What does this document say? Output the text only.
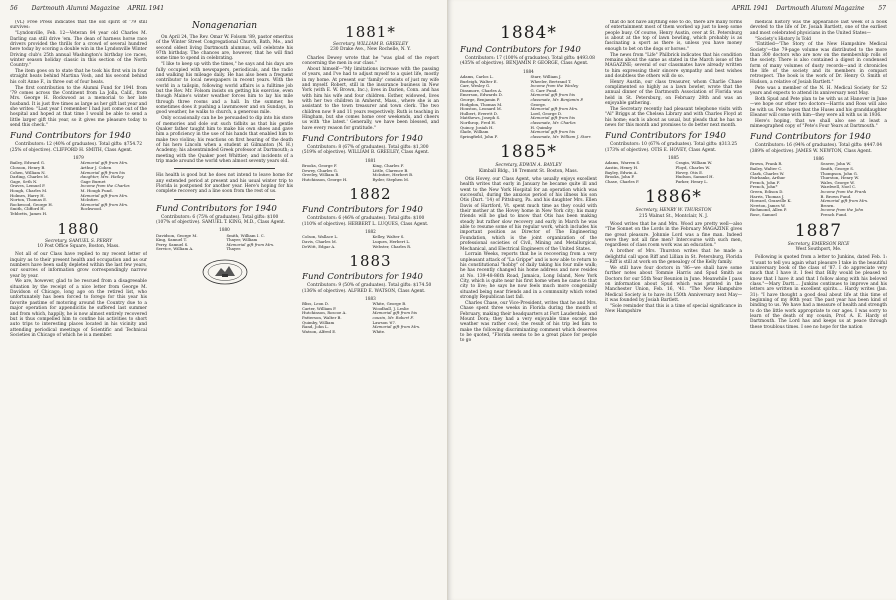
56 Dartmouth Alumni Magazine APRIL 1941

(VL) Free Press indicates that the old spirit of '79 still survives:

"Lyndonville, Feb. 12—Veteran 84 year old Charles M. Darling can still drive 'em. The dean of harness horse race drivers provided the thrills for a crowd of several hundred here today by scoring a double win in the Lyndonville Winter Driving club's 25th annual Washington's birthday ice races, winter season holiday classic in this section of the North Country."

The item goes on to state that he took his first win in four straight heats behind Martina Vosh, and his second behind his colt Anne F., in three out of four heats.

The first contribution to the Alumni Fund for 1941 from '79 comes across the Continent from La Jolla, Calif., from Mrs. George H. Rockwood as a memorial to her late husband. It is just five times as large as her gift last year and she writes: "Last year I remember I had just come out of the hospital and hoped at that time I would be able to send a little larger gift this year, so it gives me pleasure today to send this check."

Fund Contributors for 1940

Contributors: 12 (40% of graduates). Total gifts: $754.72 (25% of objective). CLIFFORD H. SMITH, Class Agent.

1879
Bailey, Edward G.	Memorial gift from Mrs.
Closson, Henry B.	Arthur J. Cohen
Cohen, William N.	Memorial gift from his
Darling, Charles M.	daughter, Mrs. Hailey
Gage, Seth N.	Gage Burnet
Graves, Lemuel F.	Income from the Charles
Hough, Charles M.	M. Hough Fund.
Holmes, Harry H.	Memorial gift from Mrs.
Norton, Thomas E.	McIntire.
Rockwood, George H.	Memorial gift from Mrs.
Smith, Clifford H.	Rockwood.
Tebbetts, James H.
1880
Secretary, SAMUEL S. PERRY
10 Post Office Square, Boston, Mass.

Not all of our Class have replied to my recent letter of inquiry as to their present health and occupation and as our numbers have been sadly depleted within the last few years, our sources of information grow correspondingly narrow year by year.

We are, however, glad to be rescued from a disagreeable situation by the receipt of a nice letter from George M. Davidson of Chicago, long ago on the retired list, who unfortunately has been forced to forego for this year his favorite pastime of motoring around the Country due to a major operation for appendicitis he suffered last summer and from which, happily, he is now almost entirely recovered but is thus compelled him to confine his activities to short auto trips to interesting places located in his vicinity and attending periodical meetings of Scientific and Technical Societies in Chicago of which he is a member.

Nonagenarian

On April 24, The Rev. Omar W. Folsom '89, pastor emeritus of the Winter Street Congregational Church, Bath, Me., and second oldest living Dartmouth alumnus, will celebrate his 97th birthday. The chances are, however, that he will find some time to spend in celebrating.

"I like to keep up with the times," he says and his days are fully occupied with newspapers, periodicals, and the radio and walking his mileage daily. He has also been a frequent contributor to local newspapers in recent years. With the world in a tailspin, following world affairs is a fulltime job but the Rev. Mr. Folsom insists on getting his exercise, even though Maine's winter weather forces him to lay his mile through three rooms and a hall. In the summer, he sometimes does it pushing a lawnmower and on Sundays, in good weather, he walks to church, a generous mile.

Only occasionally can he be persuaded to dip into his store of memories and dole out such tidbits as that his gentle Quaker father taught him to make his own shoes and gave him a proficiency in the use of his hands that enabled him to make two violins; his reactions on first hearing of the death of his hero Lincoln when a student at Gilmanton (N. H.) Academy; his absentminded Greek professor at Dartmouth; a meeting with the Quaker poet Whittier; and incidents of a trip made around the world when almost seventy years old.

His health is good but he does not intend to leave home for any extended period at present and his usual winter trip to Florida is postponed for another year. Here's hoping for his complete recovery and a line soon from the rest of us.

Fund Contributors for 1940

Contributors: 6 (75% of graduates). Total gifts: $100 (107% of objective). SAMUEL T. KING, M.D., Class Agent.

1880
Davidson, George M.	Smith, William I. C.
King, Samuel T.	Thayer, William
Perry, Samuel S.	Memorial gift from Mrs.
Service, William A.	Thayer.
1881*
Secretary, WILLIAM B. GREELEY
230 Drake Ave., New Rochelle, N. Y.

Charles Dewey wrote that he "was glad of the report concerning the men in our class."

About himself—"My limitations increase with the passing of years, and I've had to adjust myself to a quiet life, mostly in my home. At present our 'family' consists of just my wife and myself. Robert, still in the insurance business in New York (with E. W. Brown, Inc.), lives in Darien, Conn. and has with him his wife and four children. Esther, widowed, lives with her two children in Amherst, Mass., where she is an assistant to the town treasurer and town clerk. The two children now 9 and 11 years respectively. Ruth is teaching in Hingham, but she comes home over weekends, and cheers us with 'the latest.' Generally, we have been blessed, and have every reason for gratitude."

Fund Contributors for 1940

Contributors: 8 (67% of graduates). Total gifts: $1,300 (519% of objective). WILLIAM B. GREELEY, Class Agent.

1881
Brooks, George F.	King, Charles F.
Dewey, Charles G.	Little, Clarence B.
Greeley, William B.	McIntire, Herbert B.
Hutchinson, George H.	Ryder, Stephen M.
1882
Fund Contributors for 1940

Contributors: 6 (46% of graduates). Total gifts: $100 (110% of objective). HERBERT L. LUQUES, Class Agent.

1882
Colson, Wallace L.	Kelley, Walter S.
Davis, Charles M.	Luques, Herbert L.
DeWitt, Edgar A.	Webster, Charles R.
1883
Fund Contributors for 1940

Contributors: 9 (50% of graduates). Total gifts: $174.50 (136% of objective). ALFRED E. WATSON, Class Agent.

1883
Bliss, Leon D.	White, George B.
Carter, William F.	Woodhull, J. Leslie
Hutchinson, Roscoe A.	Memorial gift from his
Patterson, Walter B.	cousin, Mr. Robert F.
Quimby, William	Lawson '67.
Rand, John L.	Memorial gift from Mrs.
Watson, Alfred E.	White.
APRIL 1941 Dartmouth Alumni Magazine 57
1884*
Fund Contributors for 1940

Contributors: 17 (100% of graduates). Total gifts: $493.08 (435% of objective). BENJAMIN P. GEORGE, Class Agent.

1884
Adams, Carlos L.	Starr, William J.
Burleigh, Walter E.	Wheeler, Bertrand T.
Carr, Wesley G.	Income from the Wesley
Dinsmore, Charles A.	G. Carr Fund.
Emerson, Edwards D.	Memorial gift from his
George, Benjamin P.	classmate, Mr. Benjamin P.
Hodgdon, Thomas M.	George.
Houston, Leonard M.	Memorial gift from Mrs.
Hulbert, Everett D.	Lord, George D.
Matthews, Joseph S.	Memorial gift from his
Northrop, Fred H.	classmate, Mr. Charles
Quincy, Josiah H.	H. Quimby.
Slade, William	Memorial gift from his
Springfield, John F.	classmate, Mr. William J. Starr.
1885*
Secretary, EDWIN A. BAYLEY
Kimball Bldg., 18 Tremont St. Boston, Mass.

Otis Hovey, our Class Agent, who usually enjoys excellent health writes that early in January he became quite ill and went to the New York Hospital for an operation which was successful, during the anxious period of his illness his son Otis (Dart. '14) of Pittsburg, Pa. and his daughter Mrs. Ellen Davis of Hartford, Vt. spent much time as they could with their mother at the Hovey home in New York city; his many friends will be glad to know that Otis has been making steady but rather slow recovery and early in March he was able to resume some of his regular work, which includes his important position as Director of The Engineering Foundation, which is the joint organization of the professional societies of Civil, Mining and Metallurgical, Mechanical, and Electrical Engineers of the United States.

Lorrain Weeks, reports that he is recovering from a very unpleasant attack of "La Grippe" and is now able to return to his constitutional "hobby" of daily taking his four mile walk; he has recently changed his home address and now resides at No. 139-48-86th Road, Jamaica, Long Island, New York City, which is quite near his first home when he came to that city to live; he says he now feels much more congenially situated being near friends and in a community which voted strongly Republican last fall.

Charles Chase, our Vice-President, writes that he and Mrs. Chase spent three weeks in Florida during the month of February, making their headquarters at Fort Lauderdale, and Mount Dora; they had a very enjoyable time except the weather was rather cool; the result of his trip led him to make the following discriminating comment which deserves to be quoted, "Florida seems to be a great place for people to go

that do not have anything else to do, there are many forms of entertainment most of them worked up just to keep some people busy. Of course, Henry Austin, over at St. Petersburg is about at the top of lawn bowling, which probably is as fascinating a sport as there is, unless you have money enough to bet on the dogs or horses."

The news from "Life" Philbrick indicates that his condition remains about the same as stated in the March issue of the MAGAZINE; several of our classmates have already written to him expressing their sincere sympathy and best wishes and doubtless the others will do so.

Henry Austin, our class treasurer, whom Charlie Chase complimented so highly as a lawn bowler, wrote that the annual dinner of the Dartmouth Association of Florida was held in St. Petersburg, on February 28th and was an enjoyable gathering.

The Secretary recently had pleasant telephone visits with "Al" Briggs at the Chelsea Library and with Charles Floyd at his home; each is about as usual, but pleads that he has no news for this month and promises to do better next month.

Fund Contributors for 1940

Contributors: 10 (67% of graduates). Total gifts: $313.25 (173% of objective). OTIS E. HOVEY, Class Agent.

1885
Adams, Warren S.	Cragin, William W.
Austin, Henry H.	Floyd, Charles W.
Bayley, Edwin A.	Hovey, Otis E.
Brooks, John P.	Hudson, Samuel H.
Chase, Charles F.	Parker, Henry L.
1886*
Secretary, HENRY W. THURSTON
215 Walnut St., Montclair, N. J.

Wood writes that he and Mrs. Wood are pretty well—also "The Sonnet on the Lords in the February MAGAZINE gives me great pleasure. Johnnie Lord was a fine man. Indeed were they not all fine men? Intercourse with such men, regardless of class room work was an education."

A brother of Mrs. Thurston writes that he made a delightful call upon Riff and Lillian in St. Petersburg, Florida—Riff is still at work on the genealogy of the Kelly family.

We still have four doctors in '86—we shall have some further notes about Tommie Harris and Spud Smith as Doctors for our 55th Year Reunion in June. Meanwhile I pass on information about Spud which was printed in the Manchester Union, Feb. 16, '41. "The New Hampshire Medical Society is to have its 150th Anniversary next May—it was founded by Josiah Bartlett.

"Sole reminder that this is a time of special significance in New Hampshire

medical history was the appearance last week of a book devoted to the life of Dr. Josiah Bartlett, one of the earliest and most celebrated physicians in the United States—

"Society's History Is Told

"Entitled—'The Story of the New Hampshire Medical Society'—the 79-page volume was distributed to the more than 300 doctors who are now on the membership rolls of the society. There is also contained a digest in condensed form of many volumes of dusty records—and it chronicles the life of the society and its members in compact retrospect. The book is the work of Dr. Henry O. Smith of Hudson, a relative of Josiah Bartlett."

Pete was a member of the N. H. Medical Society for 52 years and expects to attend its anniversary next May.

Both Spud and Pete plan to be with us at Hanover in June—we hope our other two doctors—Harris and Ross will also be with us. Pete hopes that the Huses and his granddaughter Eleanor will come with him—they were all with us in 1936.

Here's hoping, that we shall also see at least a mimeographed copy of "Pete's Four Years at Dartmouth."

Fund Contributors for 1940

Contributors: 16 (94% of graduates). Total gifts: $447.04 (389% of objective). JAMES W. NEWTON, Class Agent.

1886
Brown, Frank R.	Seaver, John W.
Bailey, Walter C.	Smith, George S.
Clark, Charles W.	Thompson, John G.
Fairbanks, Arthur	Thurston, Henry W.
French, John F.	Wales, George W.
French, John*	Wardwell, Noel C.
Green, Edison D.	Income from the Frank
Harris, Thomas J.	B. Brown Fund.
Howard, Granville K.	Memorial gift from Mrs.
Newton, James W.	Brown.
Richmond, Allen P.	Income from the John
Rose, Samuel	French Fund.
1887
Secretary, EMERSON RICE
West Southport, Me.

Following is quoted from a letter to Junkins, dated Feb. 1: "I want to tell you again what pleasure I take in the beautiful anniversary book of the class of '87. I do appreciate very much that I have it. I feel that Billy would be pleased to know that I have it and that I follow along with his beloved class."—Mary Dartt.... Junkins continues to improve and his letters are written in excellent spirits.... Hardy writes (Jan. 31): "I have thought a good deal about life at this time of beginning of my 80th year. The past year has been kind of binding to us. We have had a measure of health and strength to do the little work appropriate to our ages. I was sorry to learn of the death of my cousin, Prof. A. E. Hardy of Dartmouth. The Lord has and keeps us at peace through these troublous times. I see no hope for the nation
